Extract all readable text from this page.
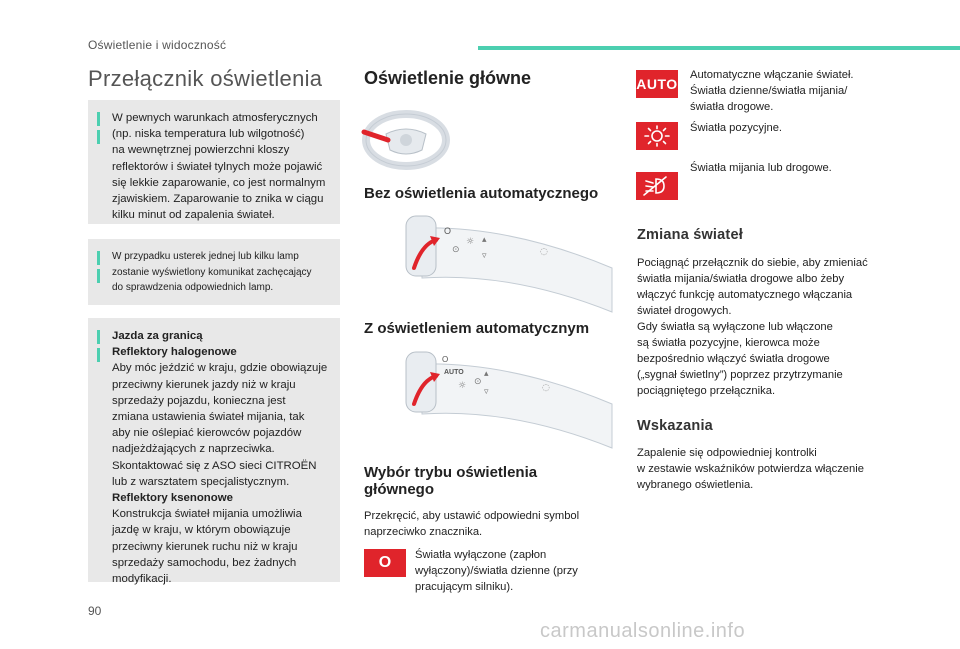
Oświetlenie i widoczność
Przełącznik oświetlenia

W pewnych warunkach atmosferycznych

(np. niska temperatura lub wilgotność)

na wewnętrznej powierzchni kloszy

reflektorów i świateł tylnych może pojawić

się lekkie zaparowanie, co jest normalnym

zjawiskiem. Zaparowanie to znika w ciągu

kilku minut od zapalenia świateł.

W przypadku usterek jednej lub kilku lamp

zostanie wyświetlony komunikat zachęcający

do sprawdzenia odpowiednich lamp.

Jazda za granicą

Reflektory halogenowe

Aby móc jeździć w kraju, gdzie obowiązuje

przeciwny kierunek jazdy niż w kraju

sprzedaży pojazdu, konieczna jest

zmiana ustawienia świateł mijania, tak

aby nie oślepiać kierowców pojazdów

nadjeżdżających z naprzeciwka.

Skontaktować się z ASO sieci CITROËN

lub z warsztatem specjalistycznym.

Reflektory ksenonowe

Konstrukcja świateł mijania umożliwia

jazdę w kraju, w którym obowiązuje

przeciwny kierunek ruchu niż w kraju

sprzedaży samochodu, bez żadnych

modyfikacji.

90
Oświetlenie główne
Bez oświetlenia automatycznego
O
⊙
☼ ▴
▿	◌
Z oświetleniem automatycznym
O
AUTO
☼ ⊙
▴
▿	◌
Wybór trybu oświetlenia głównego
Przekręcić, aby ustawić odpowiedni symbol
naprzeciwko znacznika.
O Światła wyłączone (zapłon
wyłączony)/światła dzienne (przy
pracującym silniku).
AUTO
Automatyczne włączanie świateł.
Światła dzienne/światła mijania/
światła drogowe.
Światła pozycyjne.
Światła mijania lub drogowe.
Zmiana świateł
Pociągnąć przełącznik do siebie, aby zmieniać
światła mijania/światła drogowe albo żeby
włączyć funkcję automatycznego włączania
świateł drogowych.
Gdy światła są wyłączone lub włączone
są światła pozycyjne, kierowca może
bezpośrednio włączyć światła drogowe
(„sygnał świetlny”) poprzez przytrzymanie
pociągniętego przełącznika.
Wskazania
Zapalenie się odpowiedniej kontrolki
w zestawie wskaźników potwierdza włączenie
wybranego oświetlenia.
carmanualsonline.info
